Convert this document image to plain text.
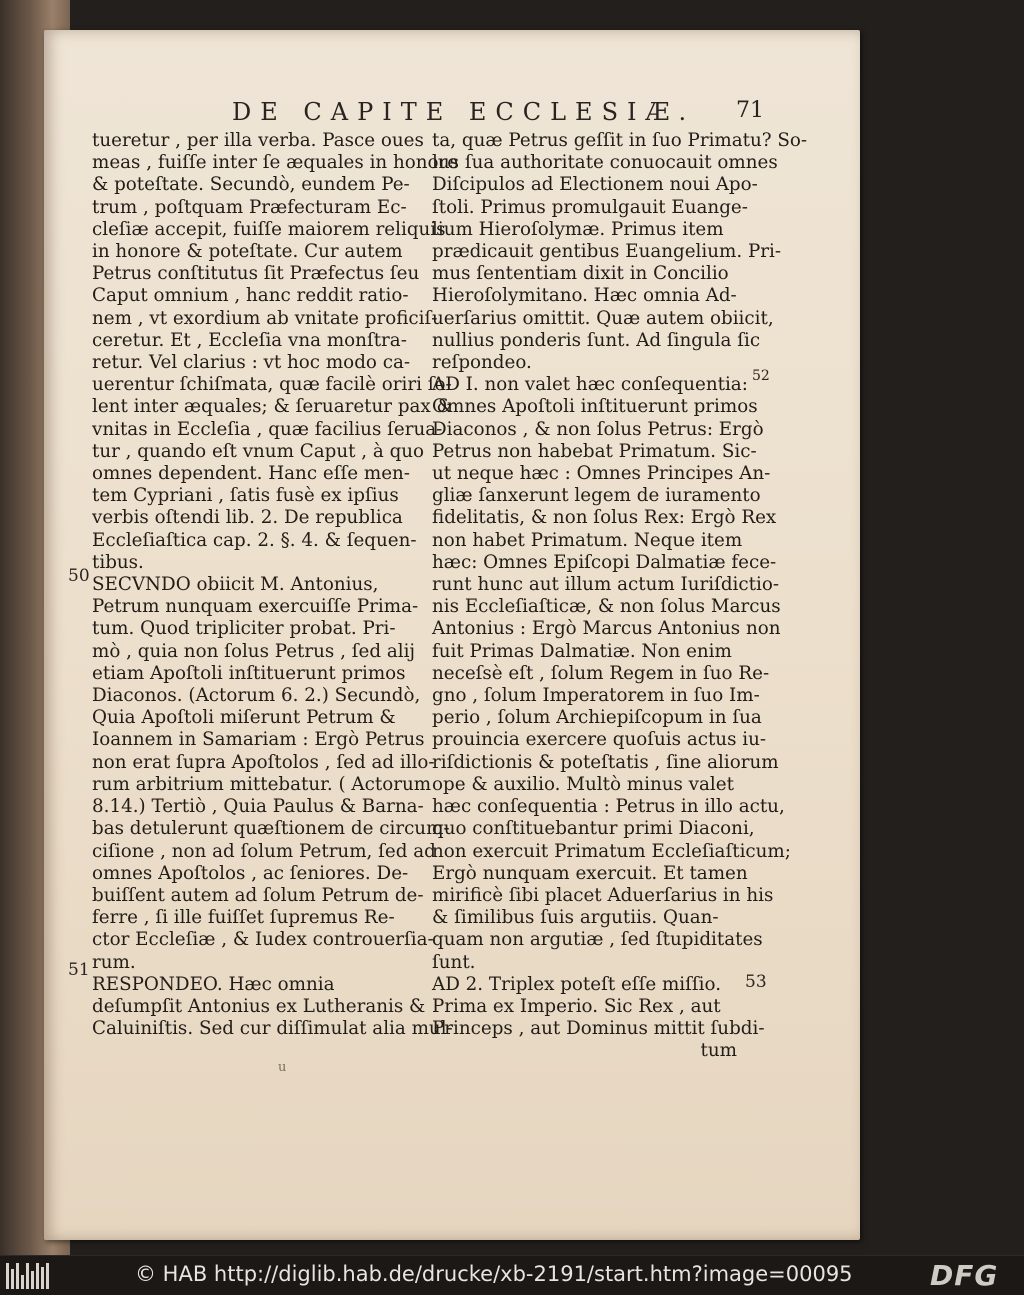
DE CAPITE ECCLESIÆ. 71
tueretur , per illa verba. Pasce oues
meas , fuiſſe inter ſe æquales in honore
& poteſtate. Secundò, eundem Pe-
trum , poſtquam Præfecturam Ec-
cleſiæ accepit, fuiſſe maiorem reliquis
in honore & poteſtate. Cur autem
Petrus conſtitutus ſit Præfectus ſeu
Caput omnium , hanc reddit ratio-
nem , vt exordium ab vnitate proficiſ-
ceretur. Et , Eccleſia vna monſtra-
retur. Vel clarius : vt hoc modo ca-
uerentur ſchiſmata, quæ facilè oriri ſo-
lent inter æquales; & ſeruaretur pax &
vnitas in Eccleſia , quæ facilius ſerua-
tur , quando eſt vnum Caput , à quo
omnes dependent. Hanc eſſe men-
tem Cypriani , ſatis fusè ex ipſius
verbis oſtendi lib. 2. De republica
Eccleſiaſtica cap. 2. §. 4. & ſequen-
tibus.
SECVNDO obiicit M. Antonius,
Petrum nunquam exercuiſſe Prima-
tum. Quod tripliciter probat. Pri-
mò , quia non ſolus Petrus , ſed alij
etiam Apoſtoli inſtituerunt primos
Diaconos. (Actorum 6. 2.) Secundò,
Quia Apoſtoli miſerunt Petrum &
Ioannem in Samariam : Ergò Petrus
non erat ſupra Apoſtolos , ſed ad illo-
rum arbitrium mittebatur. ( Actorum
8.14.) Tertiò , Quia Paulus & Barna-
bas detulerunt quæſtionem de circum-
ciſione , non ad ſolum Petrum, ſed ad
omnes Apoſtolos , ac ſeniores. De-
buiſſent autem ad ſolum Petrum de-
ferre , ſi ille fuiſſet ſupremus Re-
ctor Eccleſiæ , & Iudex controuerſia-
rum.
RESPONDEO. Hæc omnia
deſumpſit Antonius ex Lutheranis &
Caluiniſtis. Sed cur diſſimulat alia mul-
ta, quæ Petrus geſſit in ſuo Primatu? So-
lus ſua authoritate conuocauit omnes
Diſcipulos ad Electionem noui Apo-
ſtoli. Primus promulgauit Euange-
lium Hieroſolymæ. Primus item
prædicauit gentibus Euangelium. Pri-
mus ſententiam dixit in Concilio
Hieroſolymitano. Hæc omnia Ad-
uerſarius omittit. Quæ autem obiicit,
nullius ponderis ſunt. Ad ſingula ſic
reſpondeo.
AD I. non valet hæc conſequentia:
Omnes Apoſtoli inſtituerunt primos
Diaconos , & non ſolus Petrus: Ergò
Petrus non habebat Primatum. Sic-
ut neque hæc : Omnes Principes An-
gliæ ſanxerunt legem de iuramento
fidelitatis, & non ſolus Rex: Ergò Rex
non habet Primatum. Neque item
hæc: Omnes Epiſcopi Dalmatiæ fece-
runt hunc aut illum actum Iuriſdictio-
nis Eccleſiaſticæ, & non ſolus Marcus
Antonius : Ergò Marcus Antonius non
fuit Primas Dalmatiæ. Non enim
neceſsè eſt , ſolum Regem in ſuo Re-
gno , ſolum Imperatorem in ſuo Im-
perio , ſolum Archiepiſcopum in ſua
prouincia exercere quoſuis actus iu-
riſdictionis & poteſtatis , ſine aliorum
ope & auxilio. Multò minus valet
hæc conſequentia : Petrus in illo actu,
quo conſtituebantur primi Diaconi,
non exercuit Primatum Eccleſiaſticum;
Ergò nunquam exercuit. Et tamen
mirificè ſibi placet Aduerſarius in his
& ſimilibus ſuis argutiis. Quan-
quam non argutiæ , ſed ſtupiditates
ſunt.
AD 2. Triplex poteſt eſſe miſſio.
Prima ex Imperio. Sic Rex , aut
Princeps , aut Dominus mittit ſubdi-
tum
50
51
52
53
u
© HAB http://diglib.hab.de/drucke/xb-2191/start.htm?image=00095	DFG
